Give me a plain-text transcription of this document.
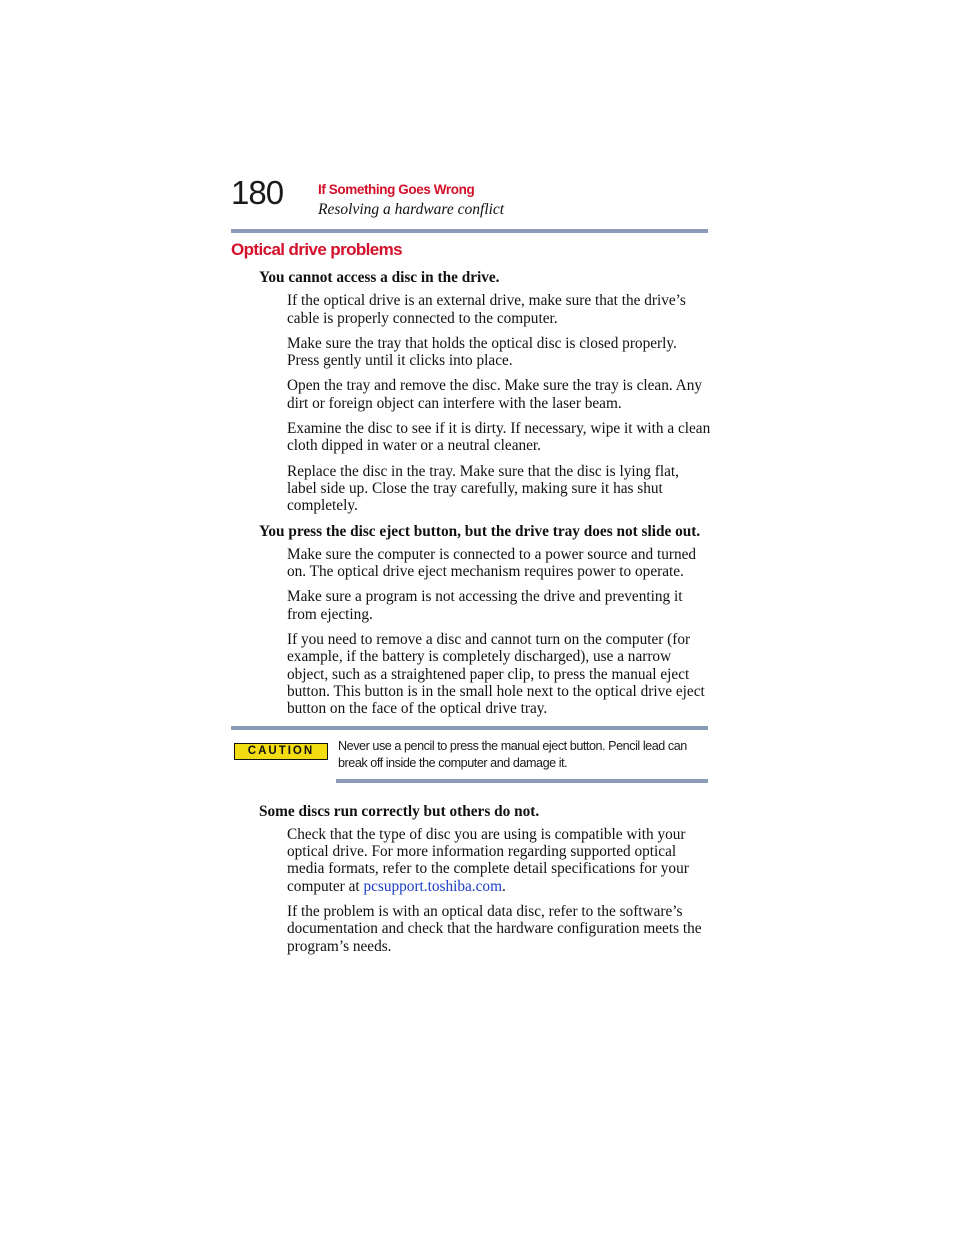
180	If Something Goes Wrong
Resolving a hardware conflict
Optical drive problems
You cannot access a disc in the drive.

If the optical drive is an external drive, make sure that the drive’s cable is properly connected to the computer.

Make sure the tray that holds the optical disc is closed properly. Press gently until it clicks into place.

Open the tray and remove the disc. Make sure the tray is clean. Any dirt or foreign object can interfere with the laser beam.

Examine the disc to see if it is dirty. If necessary, wipe it with a clean cloth dipped in water or a neutral cleaner.

Replace the disc in the tray. Make sure that the disc is lying flat, label side up. Close the tray carefully, making sure it has shut completely.

You press the disc eject button, but the drive tray does not slide out.

Make sure the computer is connected to a power source and turned on. The optical drive eject mechanism requires power to operate.

Make sure a program is not accessing the drive and preventing it from ejecting.

If you need to remove a disc and cannot turn on the computer (for example, if the battery is completely discharged), use a narrow object, such as a straightened paper clip, to press the manual eject button. This button is in the small hole next to the optical drive eject button on the face of the optical drive tray.

CAUTION	Never use a pencil to press the manual eject button. Pencil lead can break off inside the computer and damage it.
Some discs run correctly but others do not.

Check that the type of disc you are using is compatible with your optical drive. For more information regarding supported optical media formats, refer to the complete detail specifications for your computer at pcsupport.toshiba.com.

If the problem is with an optical data disc, refer to the software’s documentation and check that the hardware configuration meets the program’s needs.
